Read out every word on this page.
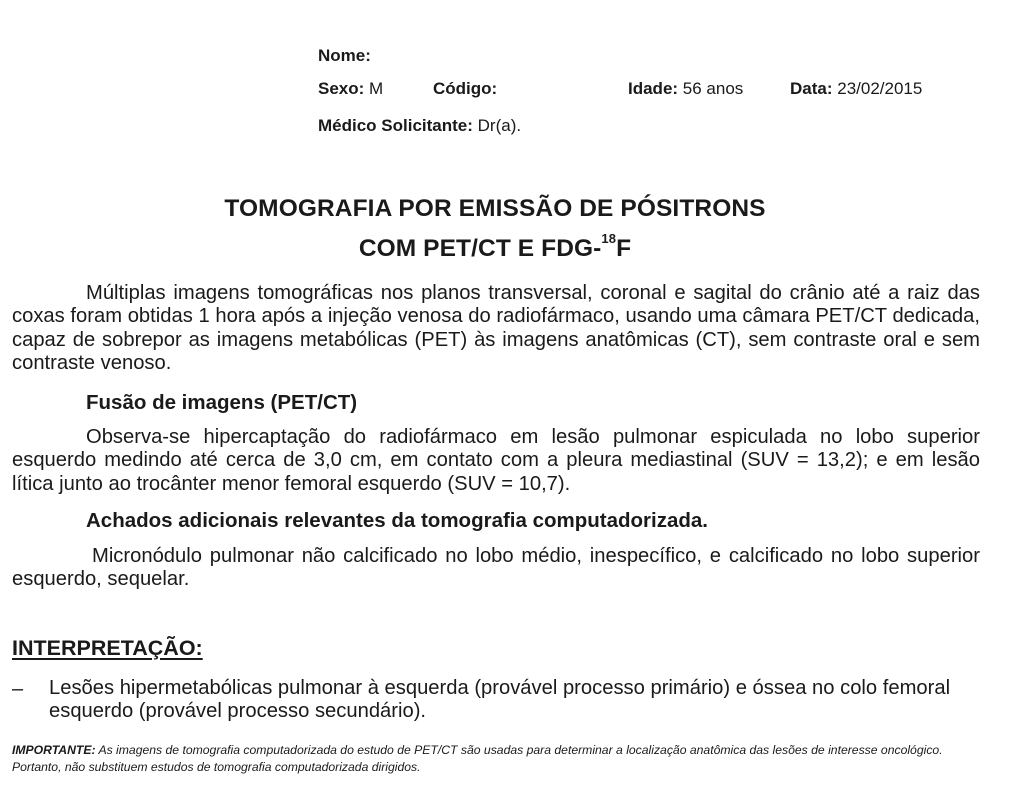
Nome:
Sexo: M	Código:	Idade: 56 anos	Data: 23/02/2015
Médico Solicitante: Dr(a).
TOMOGRAFIA POR EMISSÃO DE PÓSITRONS
COM PET/CT E FDG-$^{18}$F
Múltiplas imagens tomográficas nos planos transversal, coronal e sagital do crânio até a raiz das coxas foram obtidas 1 hora após a injeção venosa do radiofármaco, usando uma câmara PET/CT dedicada, capaz de sobrepor as imagens metabólicas (PET) às imagens anatômicas (CT), sem contraste oral e sem contraste venoso.
Fusão de imagens (PET/CT)
Observa-se hipercaptação do radiofármaco em lesão pulmonar espiculada no lobo superior esquerdo medindo até cerca de 3,0 cm, em contato com a pleura mediastinal (SUV = 13,2); e em lesão lítica junto ao trocânter menor femoral esquerdo (SUV = 10,7).
Achados adicionais relevantes da tomografia computadorizada.
Micronódulo pulmonar não calcificado no lobo médio, inespecífico, e calcificado no lobo superior esquerdo, sequelar.
INTERPRETAÇÃO:
– Lesões hipermetabólicas pulmonar à esquerda (provável processo primário) e óssea no colo femoral esquerdo (provável processo secundário).
IMPORTANTE: As imagens de tomografia computadorizada do estudo de PET/CT são usadas para determinar a localização anatômica das lesões de interesse oncológico. Portanto, não substituem estudos de tomografia computadorizada dirigidos.
